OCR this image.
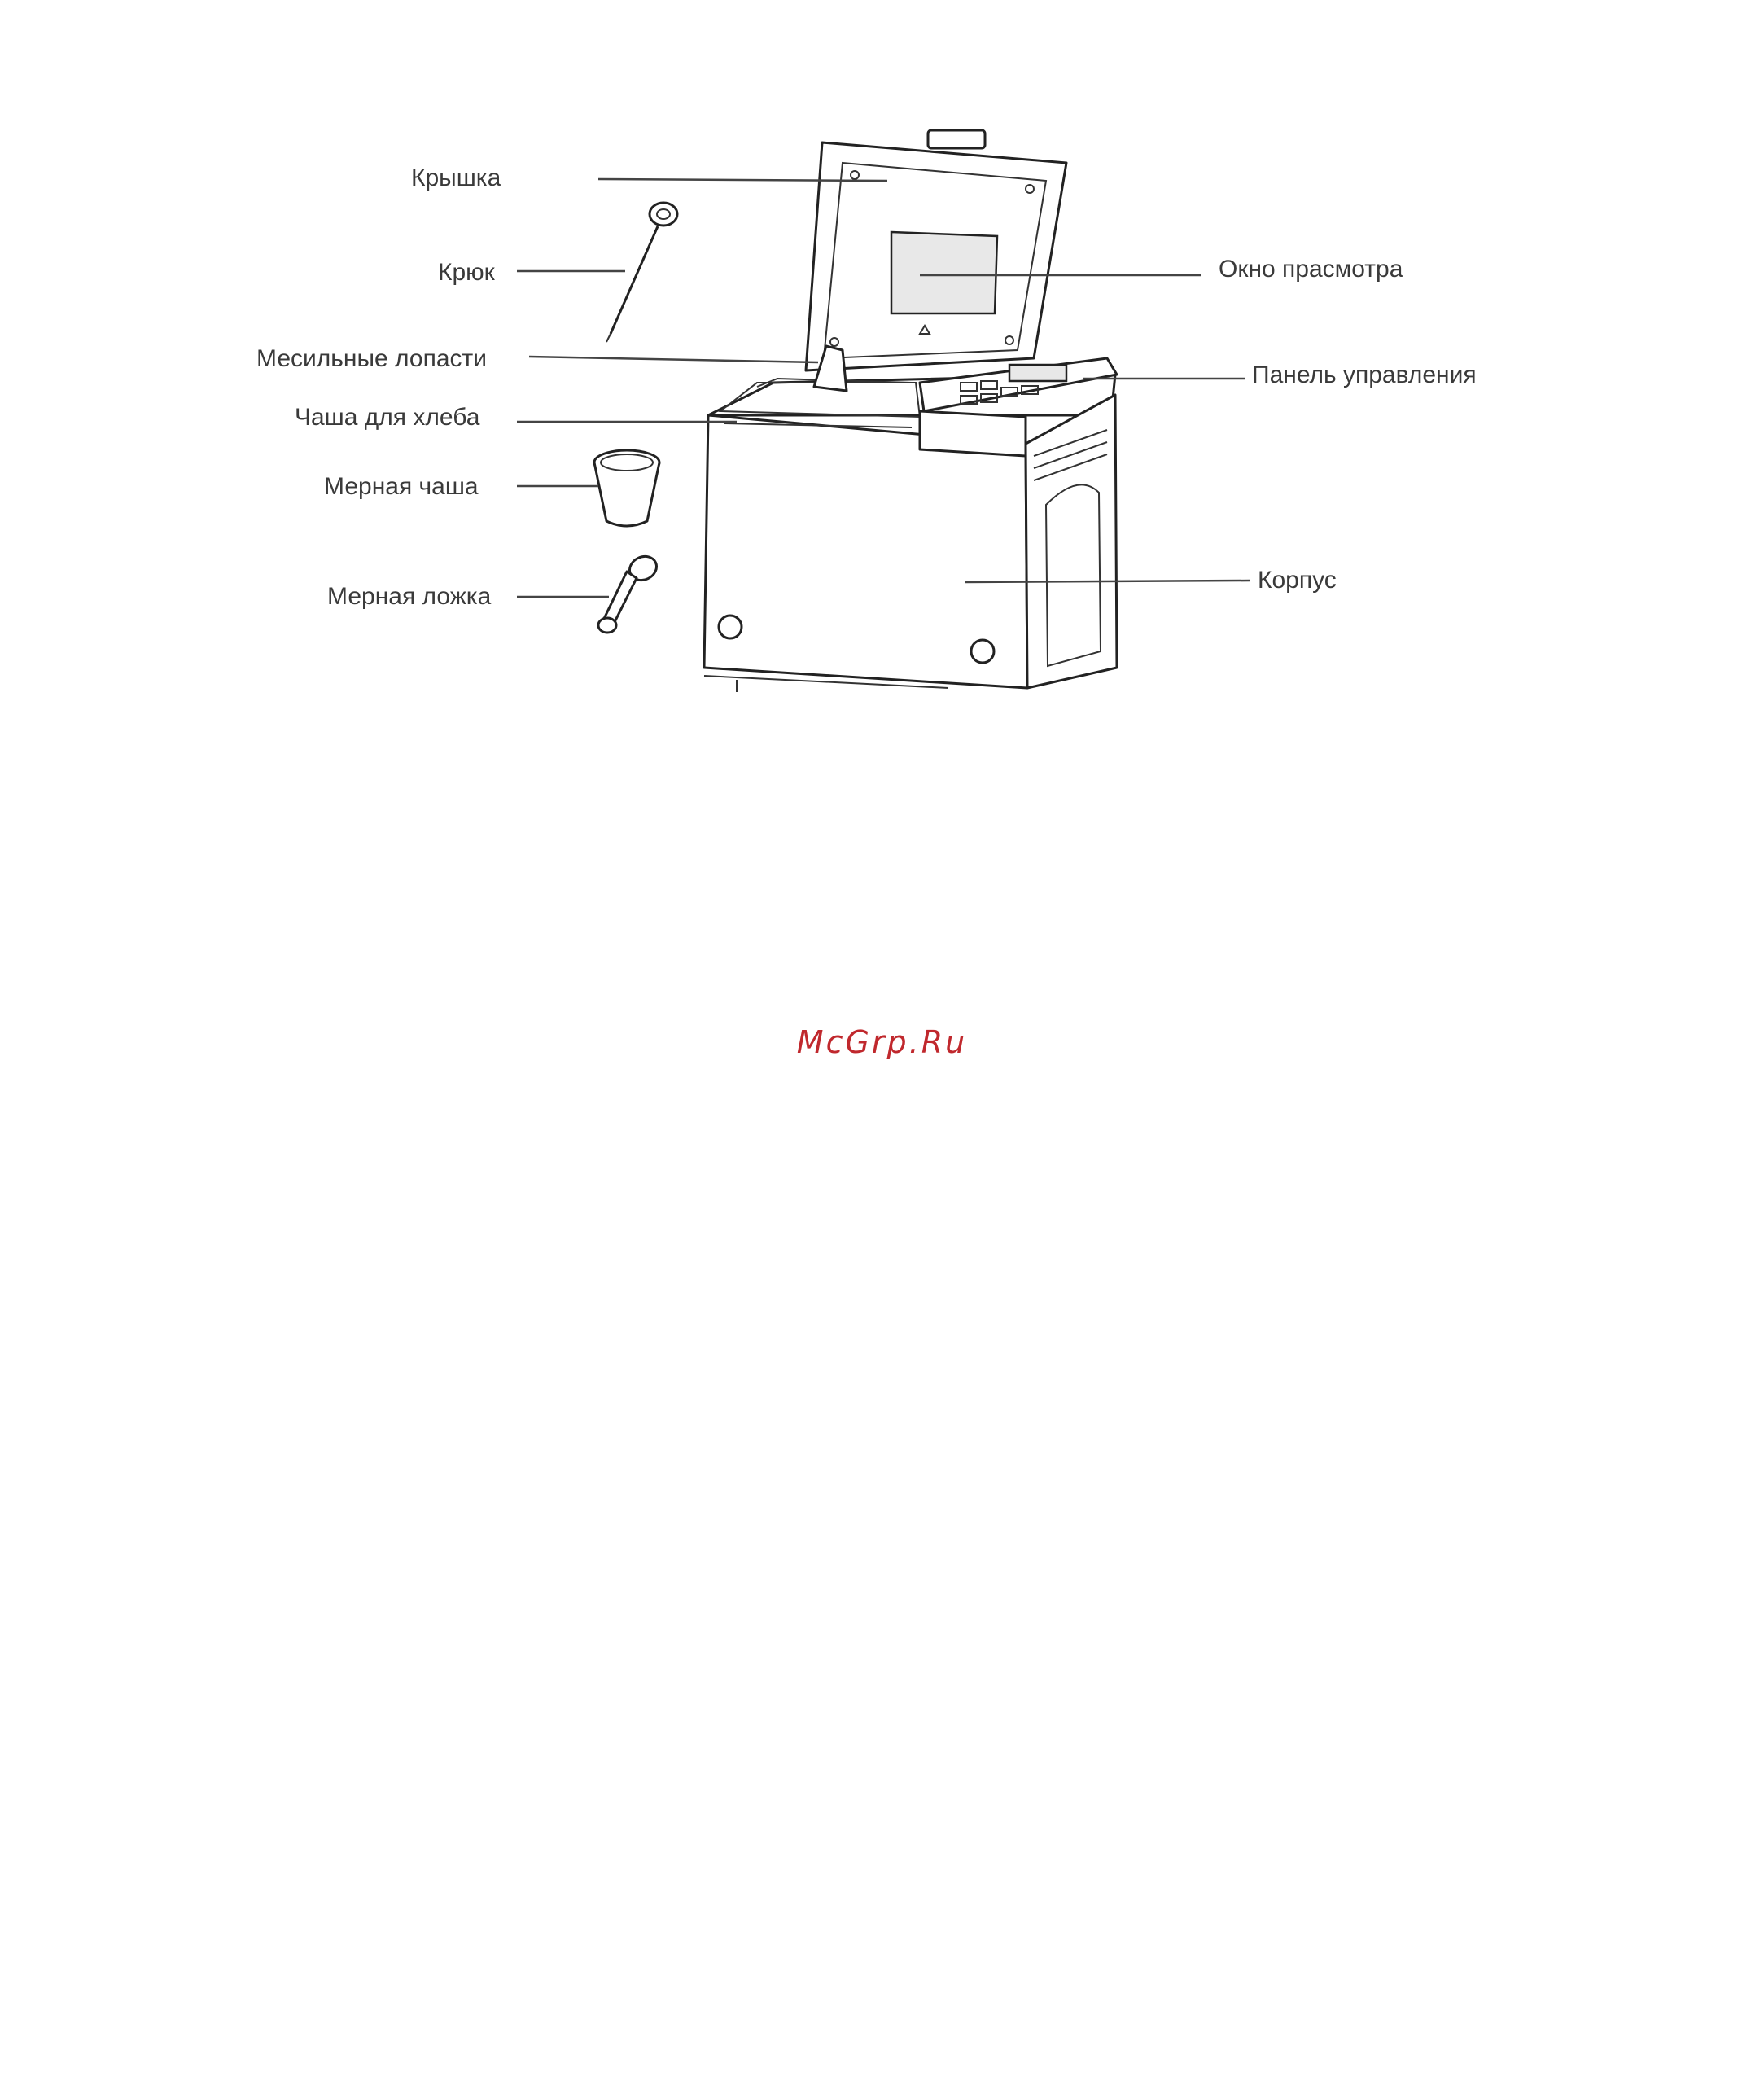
Крышка
Крюк
Месильные лопасти
Чаша для хлеба
Мерная чаша
Мерная ложка
Окно прасмотра
Панель управления
Корпус
McGrp.Ru
